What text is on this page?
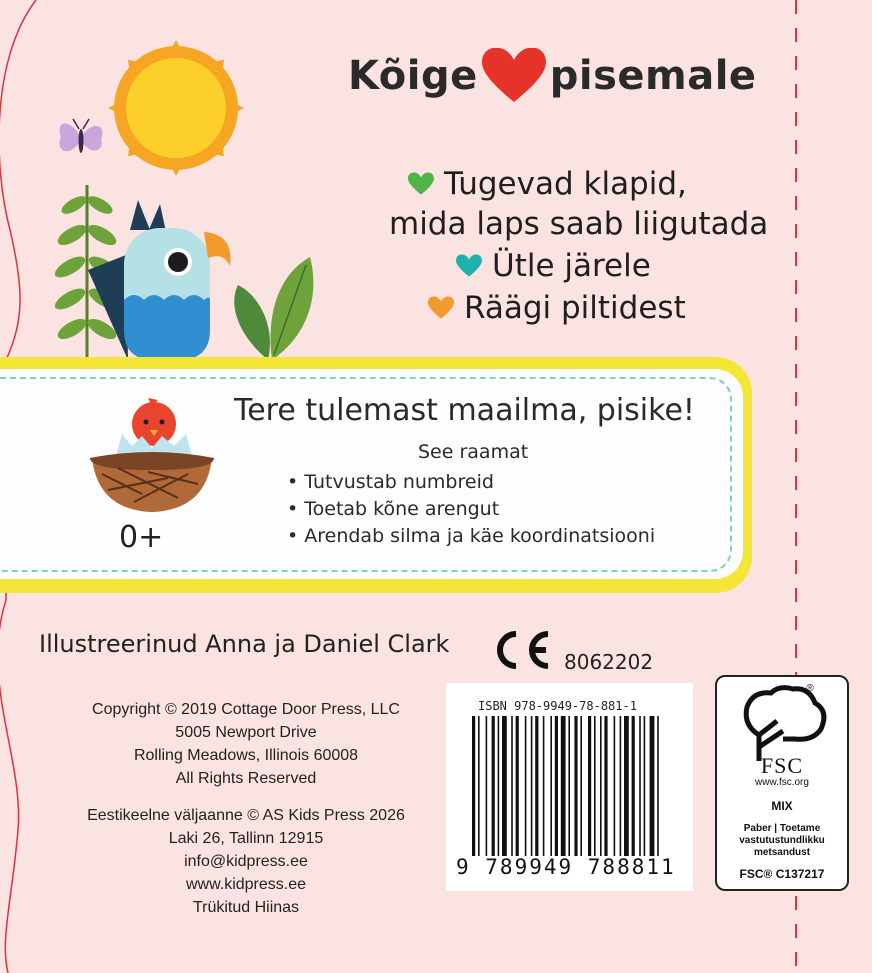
Kõige pisemale
Tugevad klapid,
mida laps saab liigutada
Ütle järele
Räägi piltidest
Tere tulemast maailma, pisike!
See raamat
• Tutvustab numbreid
• Toetab kõne arengut
• Arendab silma ja käe koordinatsiooni
0+
Illustreerinud Anna ja Daniel Clark
8062202
Copyright © 2019 Cottage Door Press, LLC
5005 Newport Drive
Rolling Meadows, Illinois 60008
All Rights Reserved
Eestikeelne väljaanne © AS Kids Press 2026
Laki 26, Tallinn 12915
info@kidpress.ee
www.kidpress.ee
Trükitud Hiinas
ISBN 978-9949-78-881-1
9 789949 788811
®
FSC
www.fsc.org
MIX
Paber | Toetame vastutustundlikku metsandust
FSC® C137217
